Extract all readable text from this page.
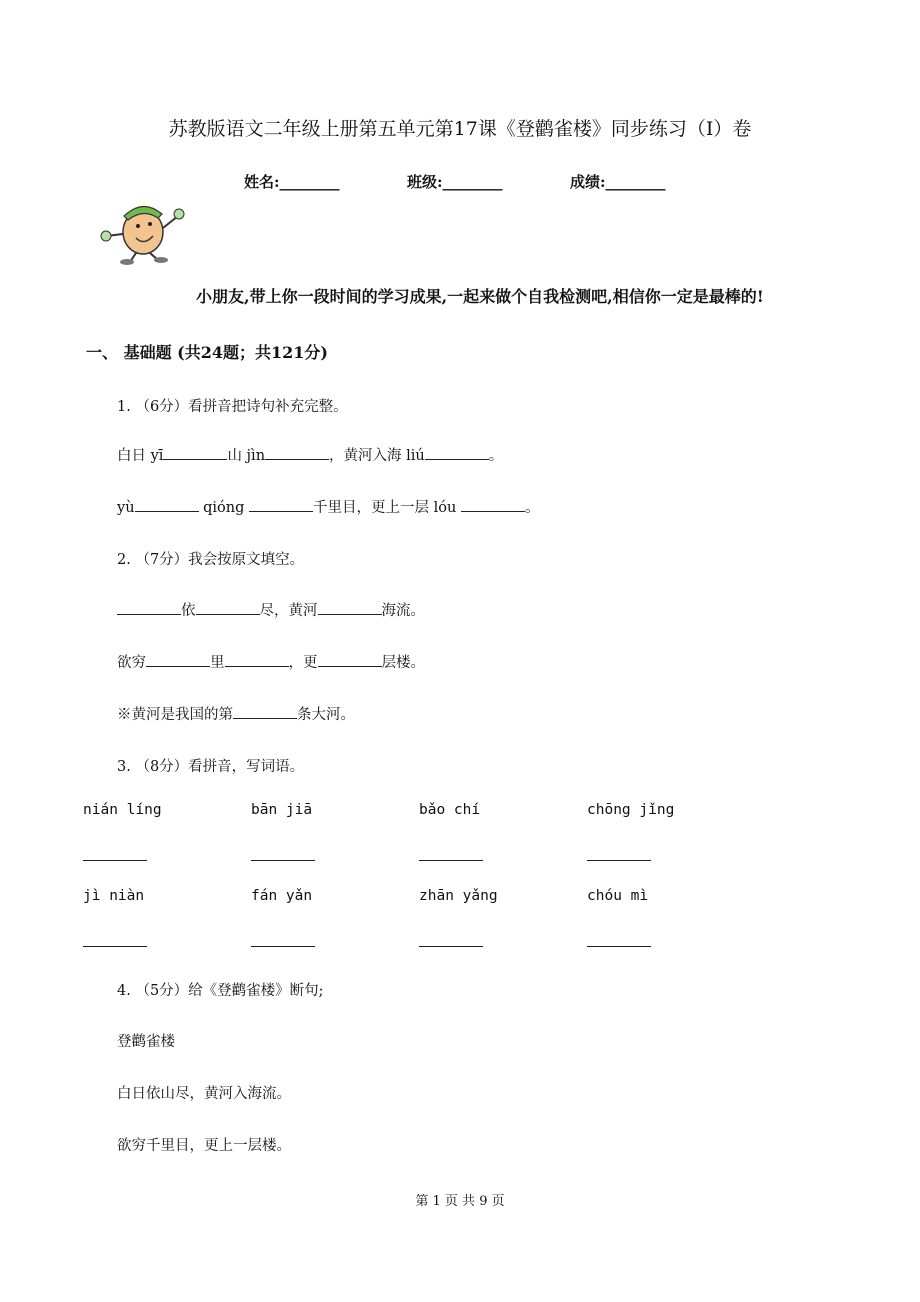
苏教版语文二年级上册第五单元第17课《登鹳雀楼》同步练习（I）卷
姓名:________	班级:________	成绩:________
小朋友,带上你一段时间的学习成果,一起来做个自我检测吧,相信你一定是最棒的!
一、 基础题 (共24题；共121分)
1. （6分）看拼音把诗句补充完整。
白日 yī	山 jìn	，黄河入海 liú	。
yù	qióng	千里目，更上一层 lóu	。
2. （7分）我会按原文填空。
依	尽，黄河	海流。
欲穷	里	，更	层楼。
※黄河是我国的第	条大河。
3. （8分）看拼音，写词语。
nián líng	bān jiā	bǎo chí	chōng jǐng
jì niàn	fán yǎn	zhān yǎng	chóu mì
4. （5分）给《登鹳雀楼》断句;
登鹳雀楼
白日依山尽，黄河入海流。
欲穷千里目，更上一层楼。
第 1 页 共 9 页
